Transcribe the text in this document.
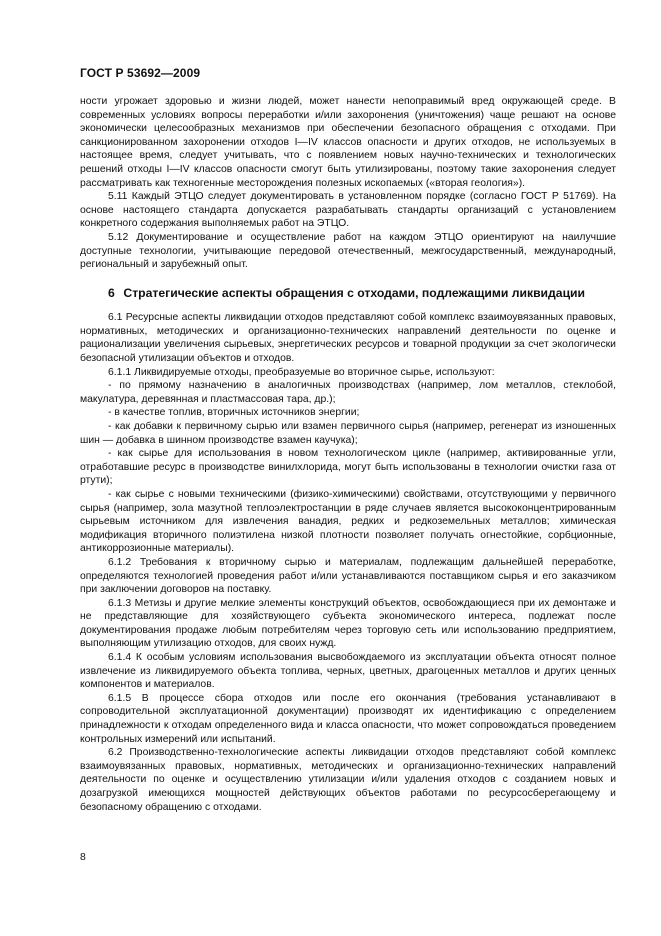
ГОСТ Р 53692—2009

ности угрожает здоровью и жизни людей, может нанести непоправимый вред окружающей среде. В современных условиях вопросы переработки и/или захоронения (уничтожения) чаще решают на основе экономически целесообразных механизмов при обеспечении безопасного обращения с отходами. При санкционированном захоронении отходов I—IV классов опасности и других отходов, не используемых в настоящее время, следует учитывать, что с появлением новых научно-технических и технологических решений отходы I—IV классов опасности смогут быть утилизированы, поэтому такие захоронения следует рассматривать как техногенные месторождения полезных ископаемых («вторая геология»).

5.11 Каждый ЭТЦО следует документировать в установленном порядке (согласно ГОСТ Р 51769). На основе настоящего стандарта допускается разрабатывать стандарты организаций с установлением конкретного содержания выполняемых работ на ЭТЦО.

5.12 Документирование и осуществление работ на каждом ЭТЦО ориентируют на наилучшие доступные технологии, учитывающие передовой отечественный, межгосударственный, международный, региональный и зарубежный опыт.

6 Стратегические аспекты обращения с отходами, подлежащими ликвидации

6.1 Ресурсные аспекты ликвидации отходов представляют собой комплекс взаимоувязанных правовых, нормативных, методических и организационно-технических направлений деятельности по оценке и рационализации увеличения сырьевых, энергетических ресурсов и товарной продукции за счет экологически безопасной утилизации объектов и отходов.

6.1.1 Ликвидируемые отходы, преобразуемые во вторичное сырье, используют:

- по прямому назначению в аналогичных производствах (например, лом металлов, стеклобой, макулатура, деревянная и пластмассовая тара, др.);

- в качестве топлив, вторичных источников энергии;

- как добавки к первичному сырью или взамен первичного сырья (например, регенерат из изношенных шин — добавка в шинном производстве взамен каучука);

- как сырье для использования в новом технологическом цикле (например, активированные угли, отработавшие ресурс в производстве винилхлорида, могут быть использованы в технологии очистки газа от ртути);

- как сырье с новыми техническими (физико-химическими) свойствами, отсутствующими у первичного сырья (например, зола мазутной теплоэлектростанции в ряде случаев является высококонцентрированным сырьевым источником для извлечения ванадия, редких и редкоземельных металлов; химическая модификация вторичного полиэтилена низкой плотности позволяет получать огнестойкие, сорбционные, антикоррозионные материалы).

6.1.2 Требования к вторичному сырью и материалам, подлежащим дальнейшей переработке, определяются технологией проведения работ и/или устанавливаются поставщиком сырья и его заказчиком при заключении договоров на поставку.

6.1.3 Метизы и другие мелкие элементы конструкций объектов, освобождающиеся при их демонтаже и не представляющие для хозяйствующего субъекта экономического интереса, подлежат после документирования продаже любым потребителям через торговую сеть или использованию предприятием, выполняющим утилизацию отходов, для своих нужд.

6.1.4 К особым условиям использования высвобождаемого из эксплуатации объекта относят полное извлечение из ликвидируемого объекта топлива, черных, цветных, драгоценных металлов и других ценных компонентов и материалов.

6.1.5 В процессе сбора отходов или после его окончания (требования устанавливают в сопроводительной эксплуатационной документации) производят их идентификацию с определением принадлежности к отходам определенного вида и класса опасности, что может сопровождаться проведением контрольных измерений или испытаний.

6.2 Производственно-технологические аспекты ликвидации отходов представляют собой комплекс взаимоувязанных правовых, нормативных, методических и организационно-технических направлений деятельности по оценке и осуществлению утилизации и/или удаления отходов с созданием новых и дозагрузкой имеющихся мощностей действующих объектов работами по ресурсосберегающему и безопасному обращению с отходами.

8
